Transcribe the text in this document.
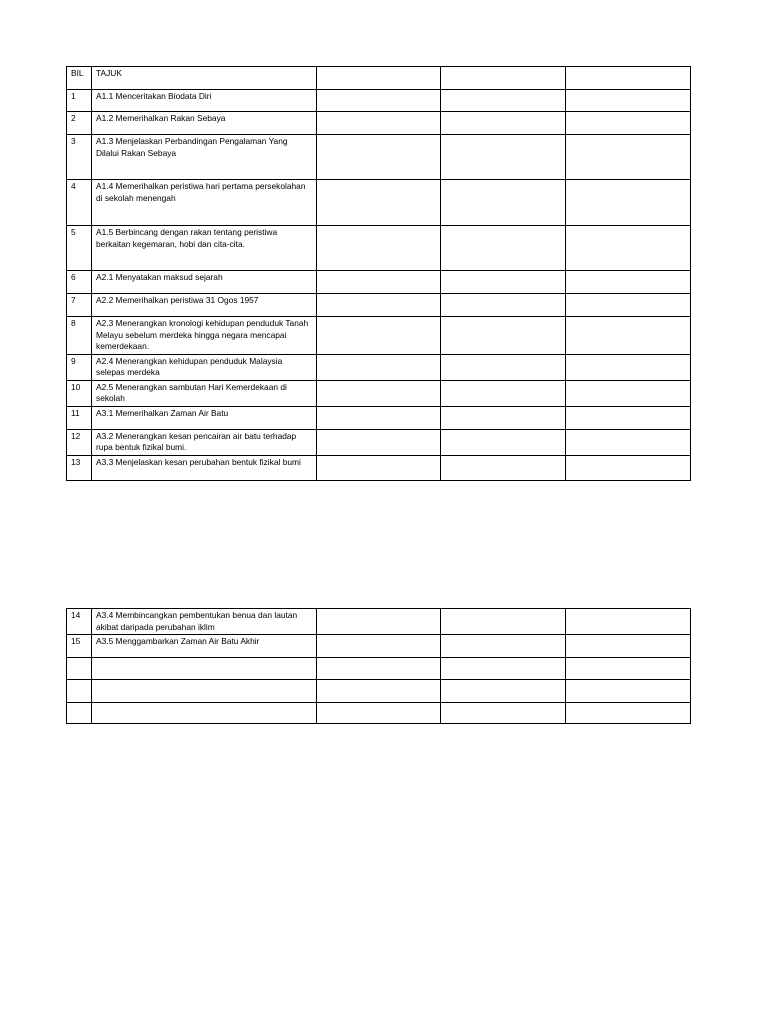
BIL	TAJUK			
1	A1.1 Menceritakan Biodata Diri			
2	A1.2 Memerihalkan Rakan Sebaya			
3	A1.3 Menjelaskan Perbandingan Pengalaman Yang Dilalui Rakan Sebaya			
4	A1.4 Memerihalkan peristiwa hari pertama persekolahan di sekolah menengah			
5	A1.5 Berbincang dengan rakan tentang peristiwa berkaitan kegemaran, hobi dan cita-cita.			
6	A2.1 Menyatakan maksud sejarah			
7	A2.2 Memerihalkan peristiwa 31 Ogos 1957			
8	A2.3 Menerangkan kronologi kehidupan penduduk Tanah Melayu sebelum merdeka hingga negara mencapai kemerdekaan.			
9	A2.4 Menerangkan kehidupan penduduk Malaysia selepas merdeka			
10	A2.5 Menerangkan sambutan Hari Kemerdekaan di sekolah			
11	A3.1 Memerihalkan Zaman Air Batu			
12	A3.2 Menerangkan kesan pencairan air batu terhadap rupa bentuk fizikal bumi.			
13	A3.3 Menjelaskan kesan perubahan bentuk fizikal bumi			
14	A3.4 Membincangkan pembentukan benua dan lautan akibat daripada perubahan iklim			
15	A3.5 Menggambarkan Zaman Air Batu Akhir			
